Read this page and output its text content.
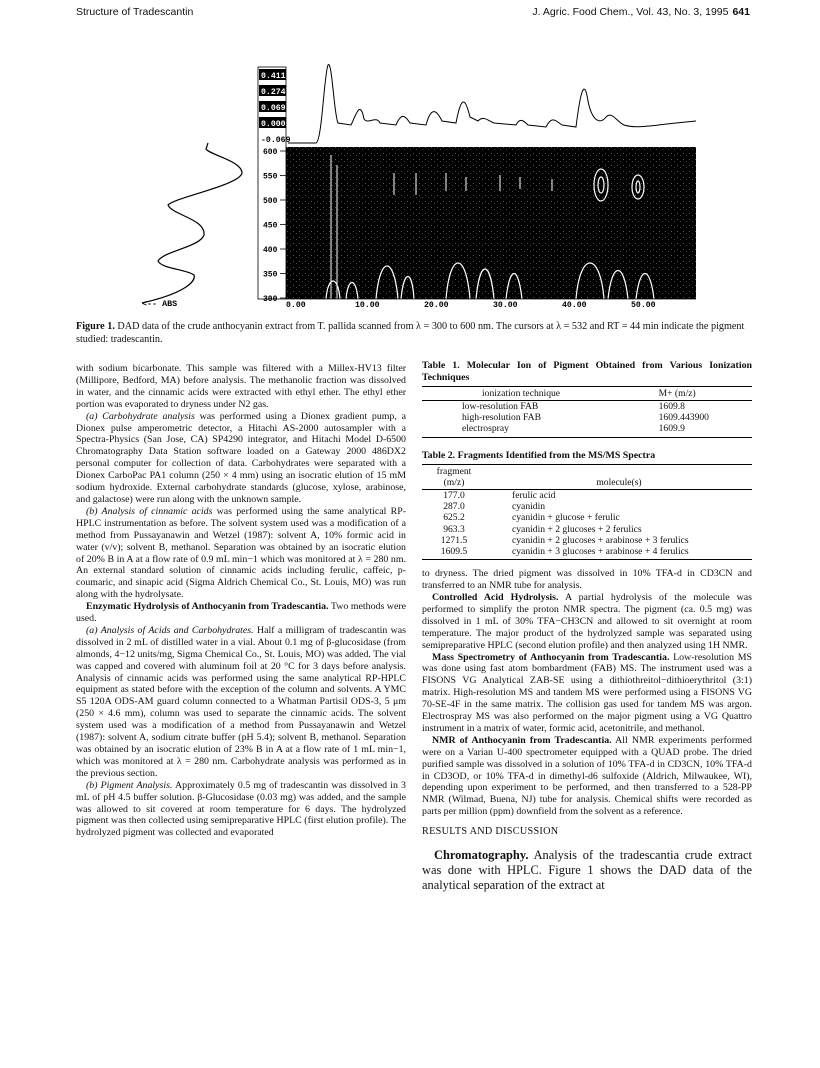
Structure of Tradescantin	J. Agric. Food Chem., Vol. 43, No. 3, 1995 641
0.411
0.274
0.069
0.000
-0.069
600
550
500
450
400
350
300
0.00	10.00	20.00	30.00	40.00	50.00
<-- ABS
Figure 1. DAD data of the crude anthocyanin extract from T. pallida scanned from λ = 300 to 600 nm. The cursors at λ = 532 and RT = 44 min indicate the pigment studied: tradescantin.

with sodium bicarbonate. This sample was filtered with a Millex-HV13 filter (Millipore, Bedford, MA) before analysis. The methanolic fraction was dissolved in water, and the cinnamic acids were extracted with ethyl ether. The ethyl ether portion was evaporated to dryness under N2 gas.

(a) Carbohydrate analysis was performed using a Dionex gradient pump, a Dionex pulse amperometric detector, a Hitachi AS-2000 autosampler with a Spectra-Physics (San Jose, CA) SP4290 integrator, and Hitachi Model D-6500 Chromatography Data Station software loaded on a Gateway 2000 486DX2 personal computer for collection of data. Carbohydrates were separated with a Dionex CarboPac PA1 column (250 × 4 mm) using an isocratic elution of 15 mM sodium hydroxide. External carbohydrate standards (glucose, xylose, arabinose, and galactose) were run along with the unknown sample.

(b) Analysis of cinnamic acids was performed using the same analytical RP-HPLC instrumentation as before. The solvent system used was a modification of a method from Pussayanawin and Wetzel (1987): solvent A, 10% formic acid in water (v/v); solvent B, methanol. Separation was obtained by an isocratic elution of 20% B in A at a flow rate of 0.9 mL min−1 which was monitored at λ = 280 nm. An external standard solution of cinnamic acids including ferulic, caffeic, p-coumaric, and sinapic acid (Sigma Aldrich Chemical Co., St. Louis, MO) was run along with the hydrolysate.

Enzymatic Hydrolysis of Anthocyanin from Tradescantia. Two methods were used.

(a) Analysis of Acids and Carbohydrates. Half a milligram of tradescantin was dissolved in 2 mL of distilled water in a vial. About 0.1 mg of β-glucosidase (from almonds, 4−12 units/mg, Sigma Chemical Co., St. Louis, MO) was added. The vial was capped and covered with aluminum foil at 20 °C for 3 days before analysis. Analysis of cinnamic acids was performed using the same analytical RP-HPLC equipment as stated before with the exception of the column and solvents. A YMC S5 120A ODS-AM guard column connected to a Whatman Partisil ODS-3, 5 μm (250 × 4.6 mm), column was used to separate the cinnamic acids. The solvent system used was a modification of a method from Pussayanawin and Wetzel (1987): solvent A, sodium citrate buffer (pH 5.4); solvent B, methanol. Separation was obtained by an isocratic elution of 23% B in A at a flow rate of 1 mL min−1, which was monitored at λ = 280 nm. Carbohydrate analysis was performed as in the previous section.

(b) Pigment Analysis. Approximately 0.5 mg of tradescantin was dissolved in 3 mL of pH 4.5 buffer solution. β-Glucosidase (0.03 mg) was added, and the sample was allowed to sit covered at room temperature for 6 days. The hydrolyzed pigment was then collected using semipreparative HPLC (first elution profile). The hydrolyzed pigment was collected and evaporated

Table 1. Molecular Ion of Pigment Obtained from Various Ionization Techniques
ionization technique	M+ (m/z)
low-resolution FAB	1609.8
high-resolution FAB	1609.443900
electrospray	1609.9

Table 2. Fragments Identified from the MS/MS Spectra
fragment
(m/z)	molecule(s)
177.0	ferulic acid
287.0	cyanidin
625.2	cyanidin + glucose + ferulic
963.3	cyanidin + 2 glucoses + 2 ferulics
1271.5	cyanidin + 2 glucoses + arabinose + 3 ferulics
1609.5	cyanidin + 3 glucoses + arabinose + 4 ferulics

to dryness. The dried pigment was dissolved in 10% TFA-d in CD3CN and transferred to an NMR tube for analysis.

Controlled Acid Hydrolysis. A partial hydrolysis of the molecule was performed to simplify the proton NMR spectra. The pigment (ca. 0.5 mg) was dissolved in 1 mL of 30% TFA−CH3CN and allowed to sit overnight at room temperature. The major product of the hydrolyzed sample was separated using semipreparative HPLC (second elution profile) and then analyzed using 1H NMR.

Mass Spectrometry of Anthocyanin from Tradescantia. Low-resolution MS was done using fast atom bombardment (FAB) MS. The instrument used was a FISONS VG Analytical ZAB-SE using a dithiothreitol−dithioerythritol (3:1) matrix. High-resolution MS and tandem MS were performed using a FISONS VG 70-SE-4F in the same matrix. The collision gas used for tandem MS was argon. Electrospray MS was also performed on the major pigment using a VG Quattro instrument in a matrix of water, formic acid, acetonitrile, and methanol.

NMR of Anthocyanin from Tradescantia. All NMR experiments performed were on a Varian U-400 spectrometer equipped with a QUAD probe. The dried purified sample was dissolved in a solution of 10% TFA-d in CD3CN, 10% TFA-d in CD3OD, or 10% TFA-d in dimethyl-d6 sulfoxide (Aldrich, Milwaukee, WI), depending upon experiment to be performed, and then transferred to a 528-PP NMR (Wilmad, Buena, NJ) tube for analysis. Chemical shifts were recorded as parts per million (ppm) downfield from the solvent as a reference.

RESULTS AND DISCUSSION

Chromatography. Analysis of the tradescantia crude extract was done with HPLC. Figure 1 shows the DAD data of the analytical separation of the extract at
